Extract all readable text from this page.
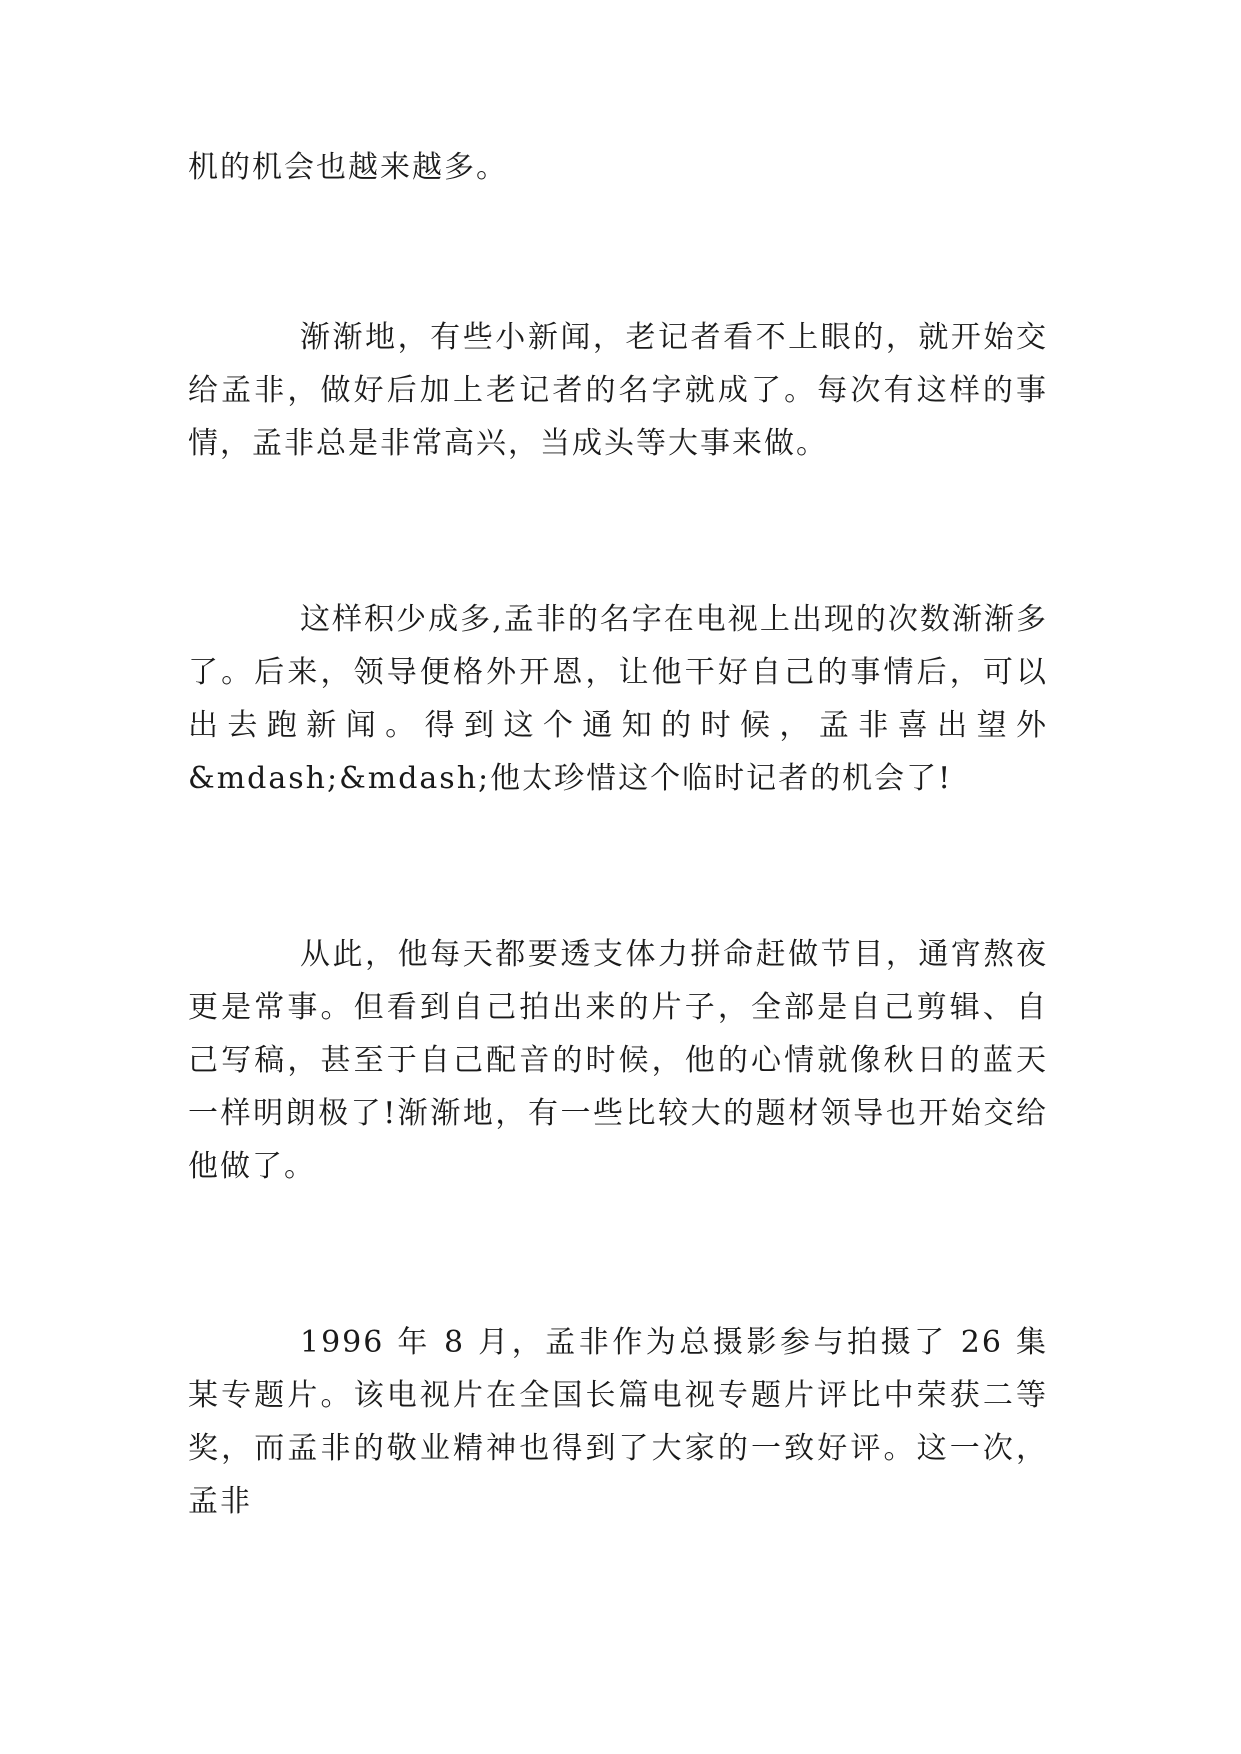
机的机会也越来越多。

渐渐地，有些小新闻，老记者看不上眼的，就开始交给孟非，做好后加上老记者的名字就成了。每次有这样的事情，孟非总是非常高兴，当成头等大事来做。

这样积少成多,孟非的名字在电视上出现的次数渐渐多了。后来，领导便格外开恩，让他干好自己的事情后，可以出去跑新闻。得到这个通知的时候，孟非喜出望外&mdash;&mdash;他太珍惜这个临时记者的机会了!

从此，他每天都要透支体力拼命赶做节目，通宵熬夜更是常事。但看到自己拍出来的片子，全部是自己剪辑、自己写稿，甚至于自己配音的时候，他的心情就像秋日的蓝天一样明朗极了!渐渐地，有一些比较大的题材领导也开始交给他做了。

1996 年 8 月，孟非作为总摄影参与拍摄了 26 集某专题片。该电视片在全国长篇电视专题片评比中荣获二等奖，而孟非的敬业精神也得到了大家的一致好评。这一次，孟非
